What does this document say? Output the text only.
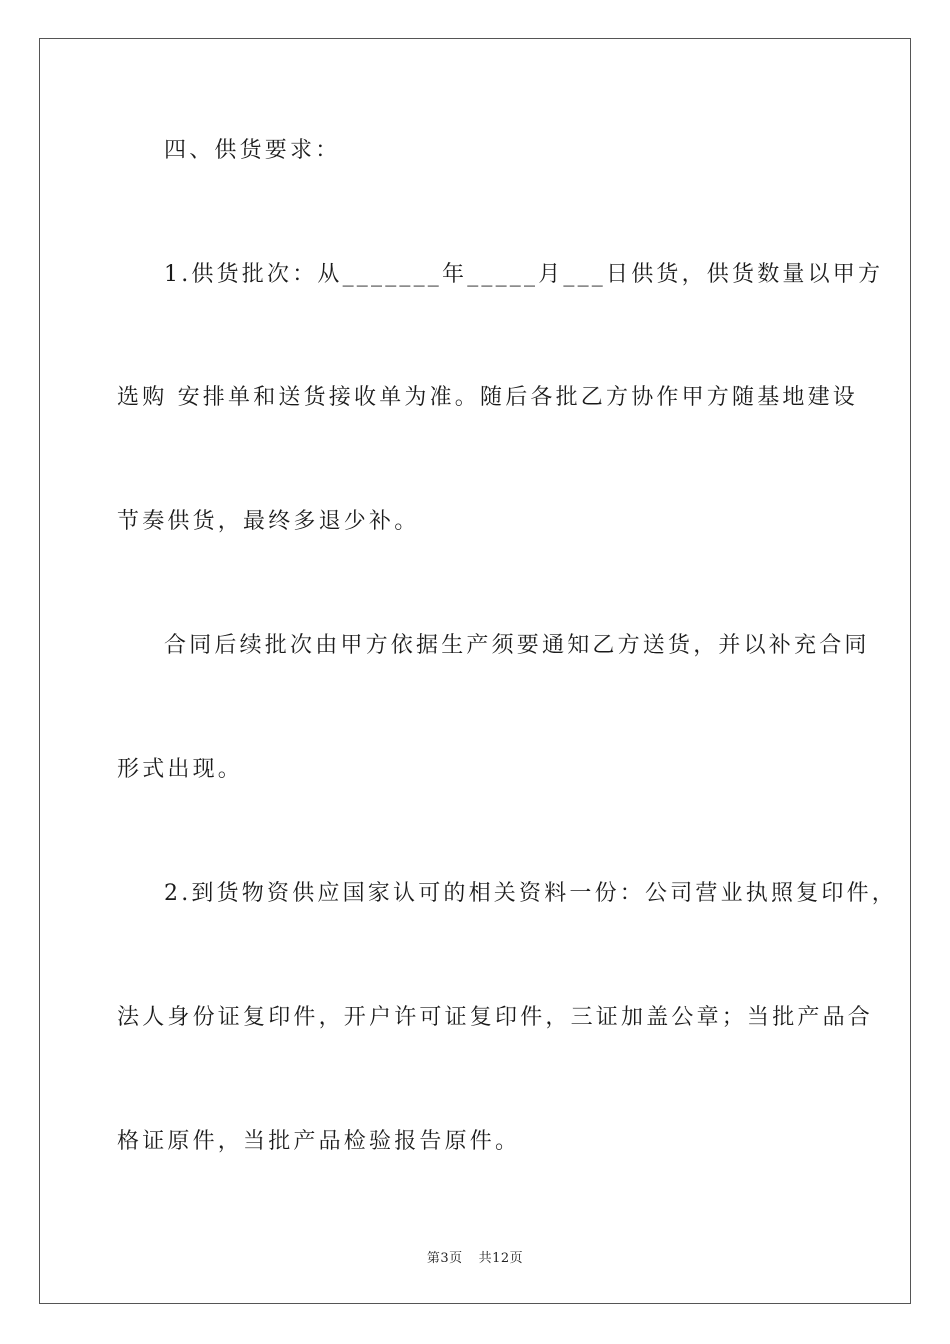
四、供货要求：
1.供货批次：从_______年_____月___日供货，供货数量以甲方
选购 安排单和送货接收单为准。随后各批乙方协作甲方随基地建设
节奏供货，最终多退少补。
合同后续批次由甲方依据生产须要通知乙方送货，并以补充合同
形式出现。
2.到货物资供应国家认可的相关资料一份：公司营业执照复印件，
法人身份证复印件，开户许可证复印件，三证加盖公章；当批产品合
格证原件，当批产品检验报告原件。
第3页 共12页
